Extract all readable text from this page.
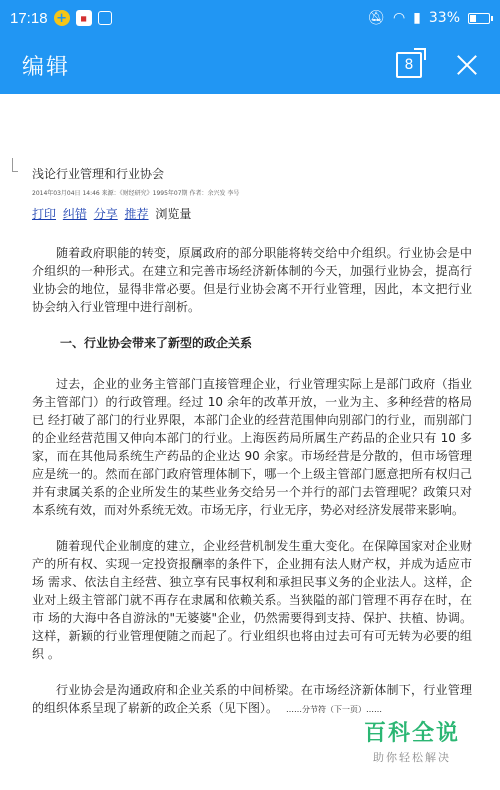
17:18 +	◼	🔕︎ ◠ ▮ 33%
编辑	8
浅论行业管理和行业协会
2014年03月04日 14:46 来源：《财经研究》1995年07期 作者：余兴发 李号
打印 纠错 分享 推荐 浏览量

随着政府职能的转变，原属政府的部分职能将转交给中介组织。行业协会是中介组织的一种形式。在建立和完善市场经济新体制的今天，加强行业协会，提高行业协会的地位，显得非常必要。但是行业协会离不开行业管理，因此，本文把行业协会纳入行业管理中进行剖析。

一、行业协会带来了新型的政企关系

过去，企业的业务主管部门直接管理企业，行业管理实际上是部门政府（指业务主管部门）的行政管理。经过 10 余年的改革开放，一业为主、多种经营的格局已 经打破了部门的行业界限，本部门企业的经营范围伸向别部门的行业，而别部门的企业经营范围又伸向本部门的行业。上海医药局所属生产药品的企业只有 10 多家，而在其他局系统生产药品的企业达 90 余家。市场经营是分散的，但市场管理应是统一的。然而在部门政府管理体制下，哪一个上级主管部门愿意把所有权归己 并有隶属关系的企业所发生的某些业务交给另一个并行的部门去管理呢？政策只对本系统有效，而对外系统无效。市场无序，行业无序，势必对经济发展带来影响。

随着现代企业制度的建立，企业经营机制发生重大变化。在保障国家对企业财产的所有权、实现一定投资报酬率的条件下，企业拥有法人财产权，并成为适应市场 需求、依法自主经营、独立享有民事权利和承担民事义务的企业法人。这样，企业对上级主管部门就不再存在隶属和依赖关系。当狭隘的部门管理不再存在时，在市 场的大海中各自游泳的"无婆婆"企业，仍然需要得到支持、保护、扶植、协调。这样，新颖的行业管理便随之而起了。行业组织也将由过去可有可无转为必要的组 织 。

行业协会是沟通政府和企业关系的中间桥梁。在市场经济新体制下，行业管理的组织体系呈现了崭新的政企关系（见下图）。 ……分节符（下一页）……

百科全说
助你轻松解决
